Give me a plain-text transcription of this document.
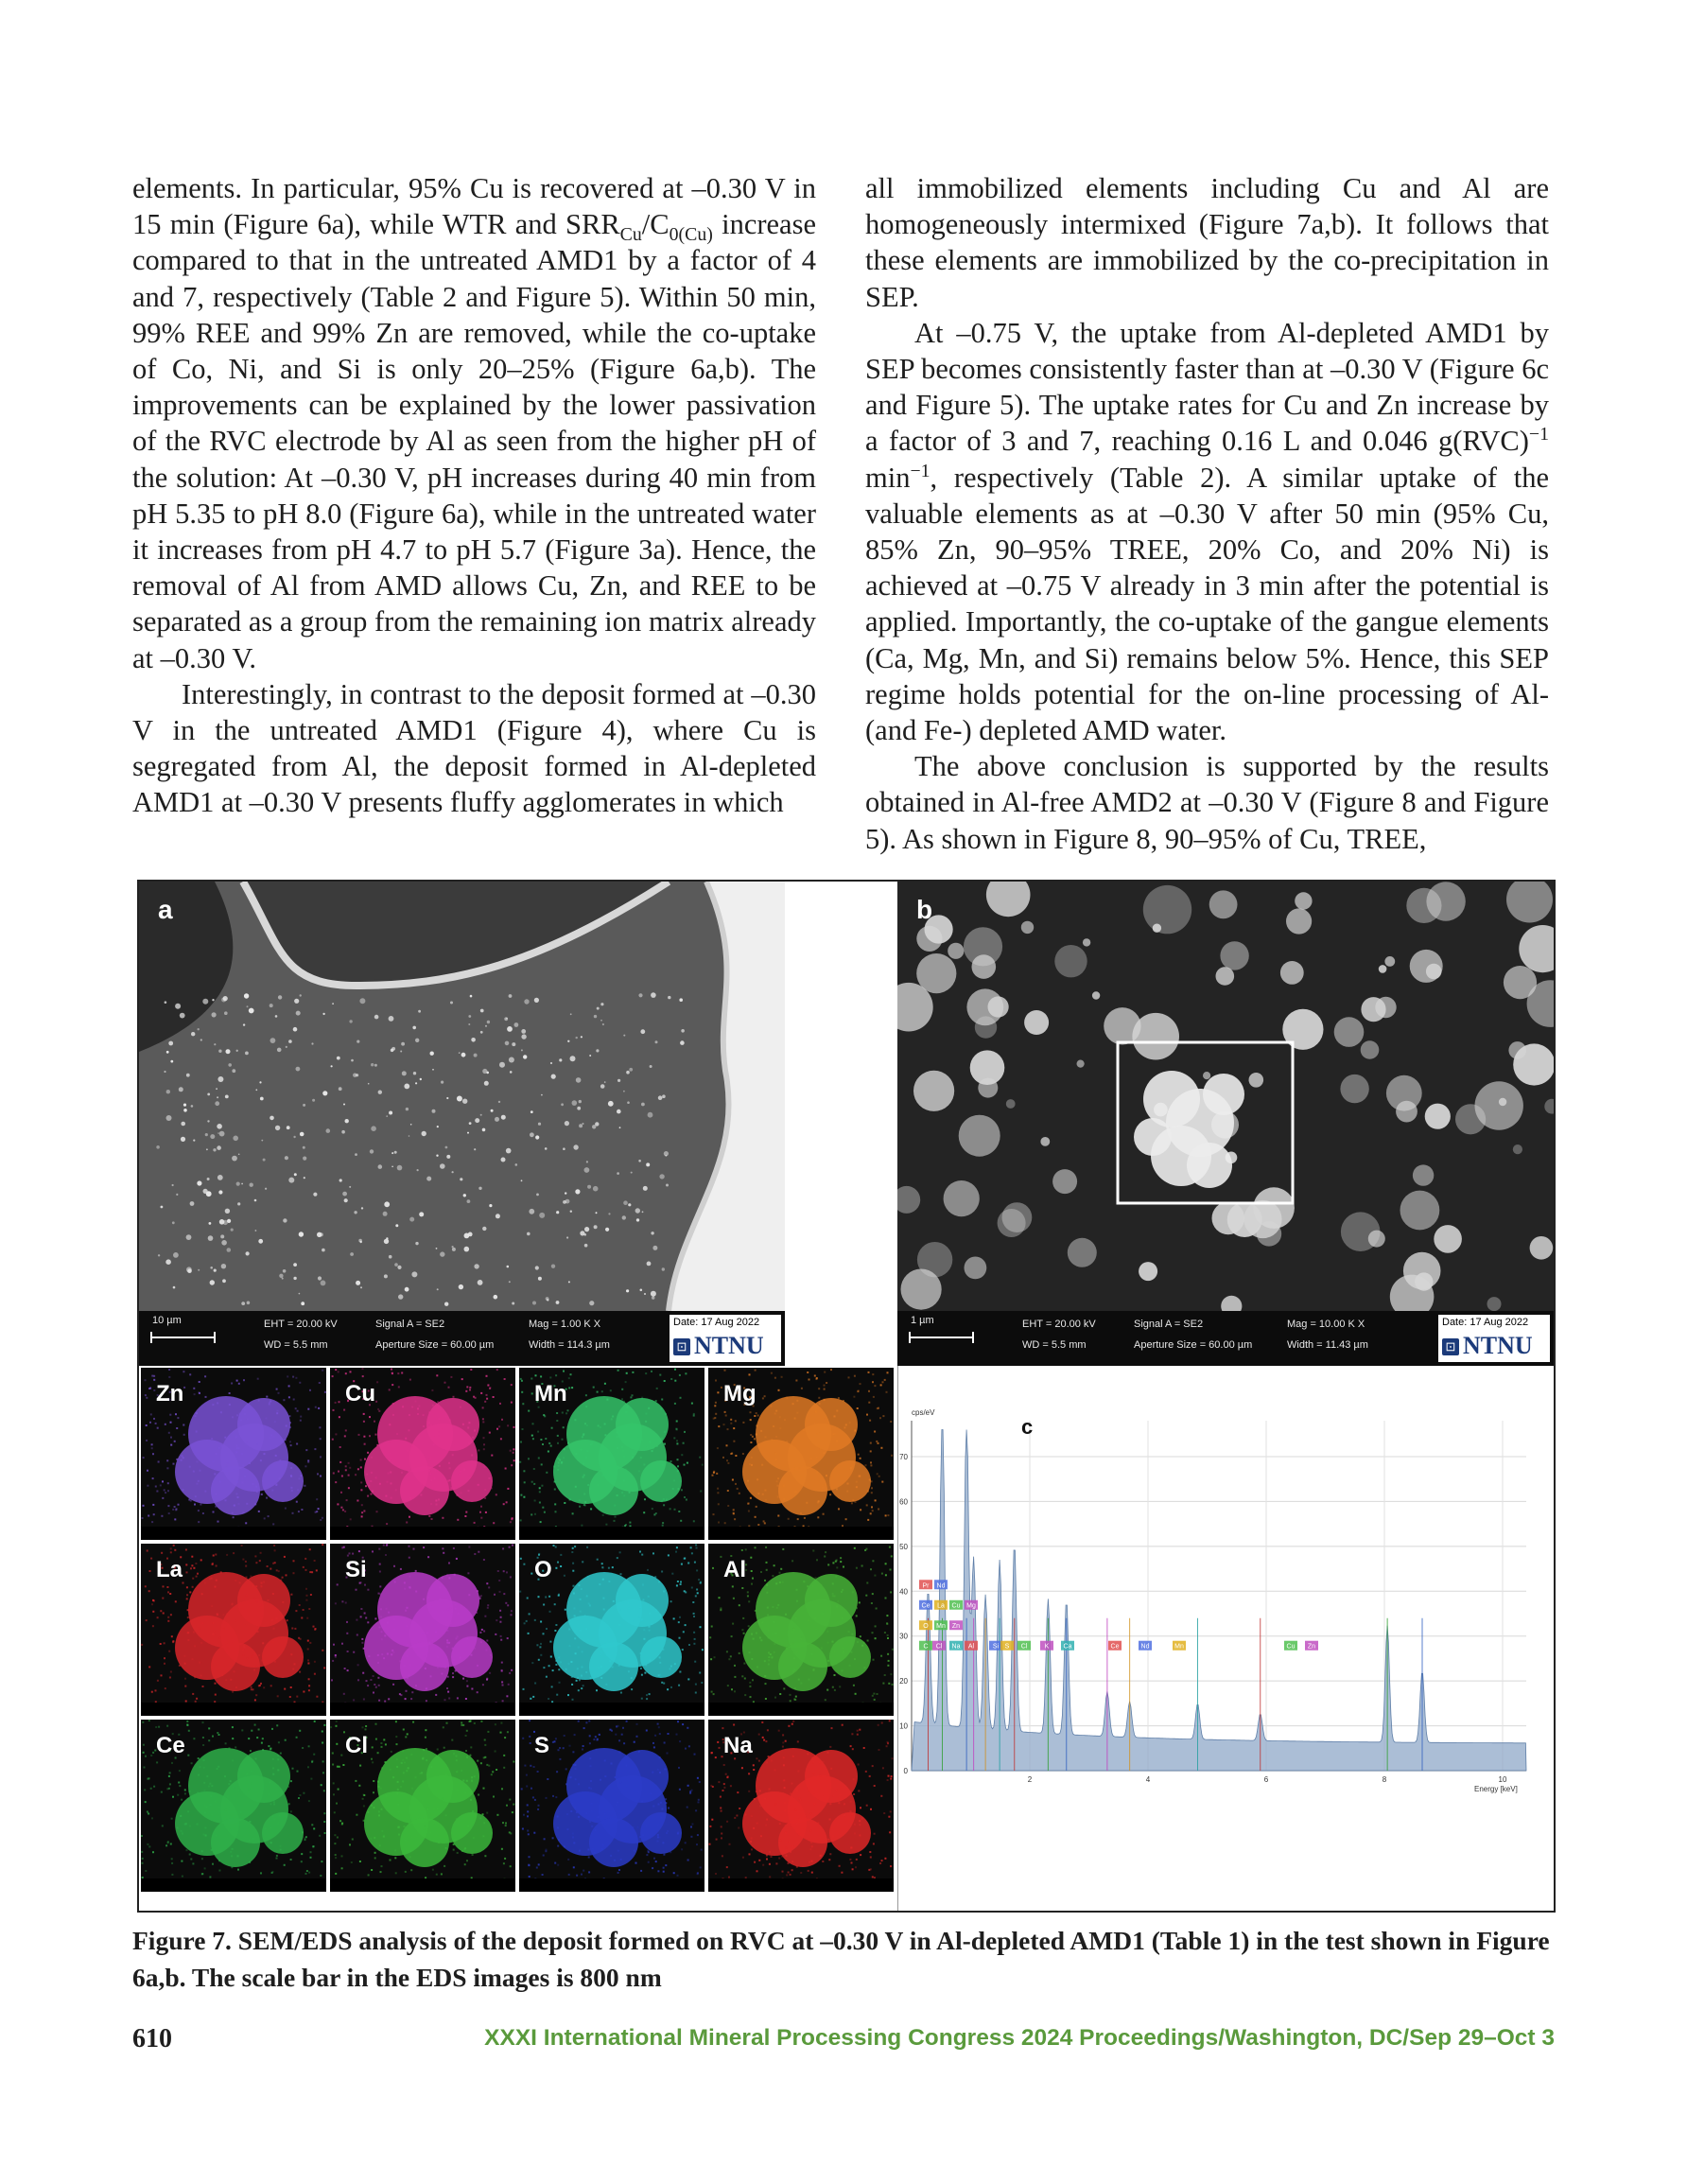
elements. In particular, 95% Cu is recovered at –0.30 V in 15 min (Figure 6a), while WTR and $SRR_{Cu}/C_{0(Cu)}$ increase compared to that in the untreated AMD1 by a factor of 4 and 7, respectively (Table 2 and Figure 5). Within 50 min, 99% REE and 99% Zn are removed, while the co-uptake of Co, Ni, and Si is only 20–25% (Figure 6a,b). The improvements can be explained by the lower passivation of the RVC electrode by Al as seen from the higher pH of the solution: At –0.30 V, pH increases during 40 min from pH 5.35 to pH 8.0 (Figure 6a), while in the untreated water it increases from pH 4.7 to pH 5.7 (Figure 3a). Hence, the removal of Al from AMD allows Cu, Zn, and REE to be separated as a group from the remaining ion matrix already at –0.30 V.

Interestingly, in contrast to the deposit formed at –0.30 V in the untreated AMD1 (Figure 4), where Cu is segregated from Al, the deposit formed in Al-depleted AMD1 at –0.30 V presents fluffy agglomerates in which

all immobilized elements including Cu and Al are homogeneously intermixed (Figure 7a,b). It follows that these elements are immobilized by the co-precipitation in SEP.

At –0.75 V, the uptake from Al-depleted AMD1 by SEP becomes consistently faster than at –0.30 V (Figure 6c and Figure 5). The uptake rates for Cu and Zn increase by a factor of 3 and 7, reaching 0.16 L and 0.046 g(RVC)$^{-1}$ $\min^{-1}$, respectively (Table 2). A similar uptake of the valuable elements as at –0.30 V after 50 min (95% Cu, 85% Zn, 90–95% TREE, 20% Co, and 20% Ni) is achieved at –0.75 V already in 3 min after the potential is applied. Importantly, the co-uptake of the gangue elements (Ca, Mg, Mn, and Si) remains below 5%. Hence, this SEP regime holds potential for the on-line processing of Al- (and Fe-) depleted AMD water.

The above conclusion is supported by the results obtained in Al-free AMD2 at –0.30 V (Figure 8 and Figure 5). As shown in Figure 8, 90–95% of Cu, TREE,

a
10 µm	EHT = 20.00 kV
WD = 5.5 mm
Signal A = SE2
Aperture Size = 60.00 µm
Mag = 1.00 K X
Width = 114.3 µm
Date: 17 Aug 2022
⊡ NTNU
b
1 µm	EHT = 20.00 kV
WD = 5.5 mm
Signal A = SE2
Aperture Size = 60.00 µm
Mag = 10.00 K X
Width = 11.43 µm
Date: 17 Aug 2022
⊡ NTNU
Zn	Cu	Mn	Mg
La	Si	O	Al
Ce	Cl	S	Na
0
10
20
30
40
50
60
70
2	4	6	8	10
cps/eV
Energy [keV]
c
Pr Nd
Ce La Cu Mg
O Mn Zn
C Cl Na Al	Si S Cl	K Ca	Ce	Nd	Mn	Cu Zn
Figure 7. SEM/EDS analysis of the deposit formed on RVC at –0.30 V in Al-depleted AMD1 (Table 1) in the test shown in Figure 6a,b. The scale bar in the EDS images is 800 nm
610	XXXI International Mineral Processing Congress 2024 Proceedings/Washington, DC/Sep 29–Oct 3
